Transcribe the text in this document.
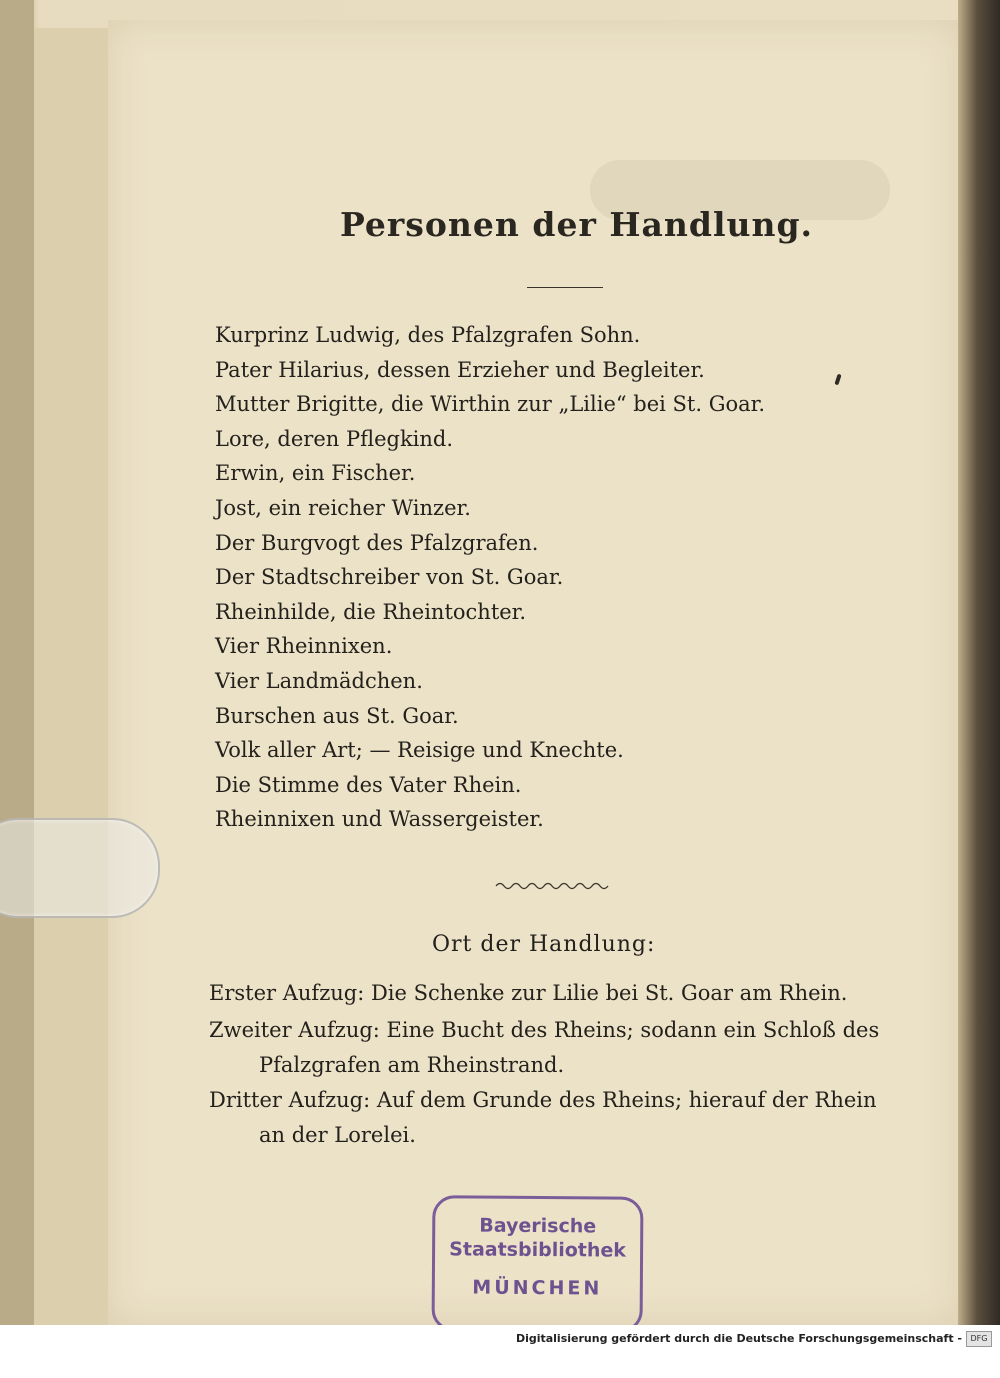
Personen der Handlung.
Kurprinz Ludwig, des Pfalzgrafen Sohn.
Pater Hilarius, dessen Erzieher und Begleiter.
Mutter Brigitte, die Wirthin zur „Lilie“ bei St. Goar.
Lore, deren Pflegkind.
Erwin, ein Fischer.
Jost, ein reicher Winzer.
Der Burgvogt des Pfalzgrafen.
Der Stadtschreiber von St. Goar.
Rheinhilde, die Rheintochter.
Vier Rheinnixen.
Vier Landmädchen.
Burschen aus St. Goar.
Volk aller Art; — Reisige und Knechte.
Die Stimme des Vater Rhein.
Rheinnixen und Wassergeister.
Ort der Handlung:
Erster Aufzug: Die Schenke zur Lilie bei St. Goar am Rhein.
Zweiter Aufzug: Eine Bucht des Rheins; sodann ein Schloß des
Pfalzgrafen am Rheinstrand.
Dritter Aufzug: Auf dem Grunde des Rheins; hierauf der Rhein
an der Lorelei.
Bayerische
Staatsbibliothek
MÜNCHEN
Digitalisierung gefördert durch die Deutsche Forschungsgemeinschaft -	DFG
